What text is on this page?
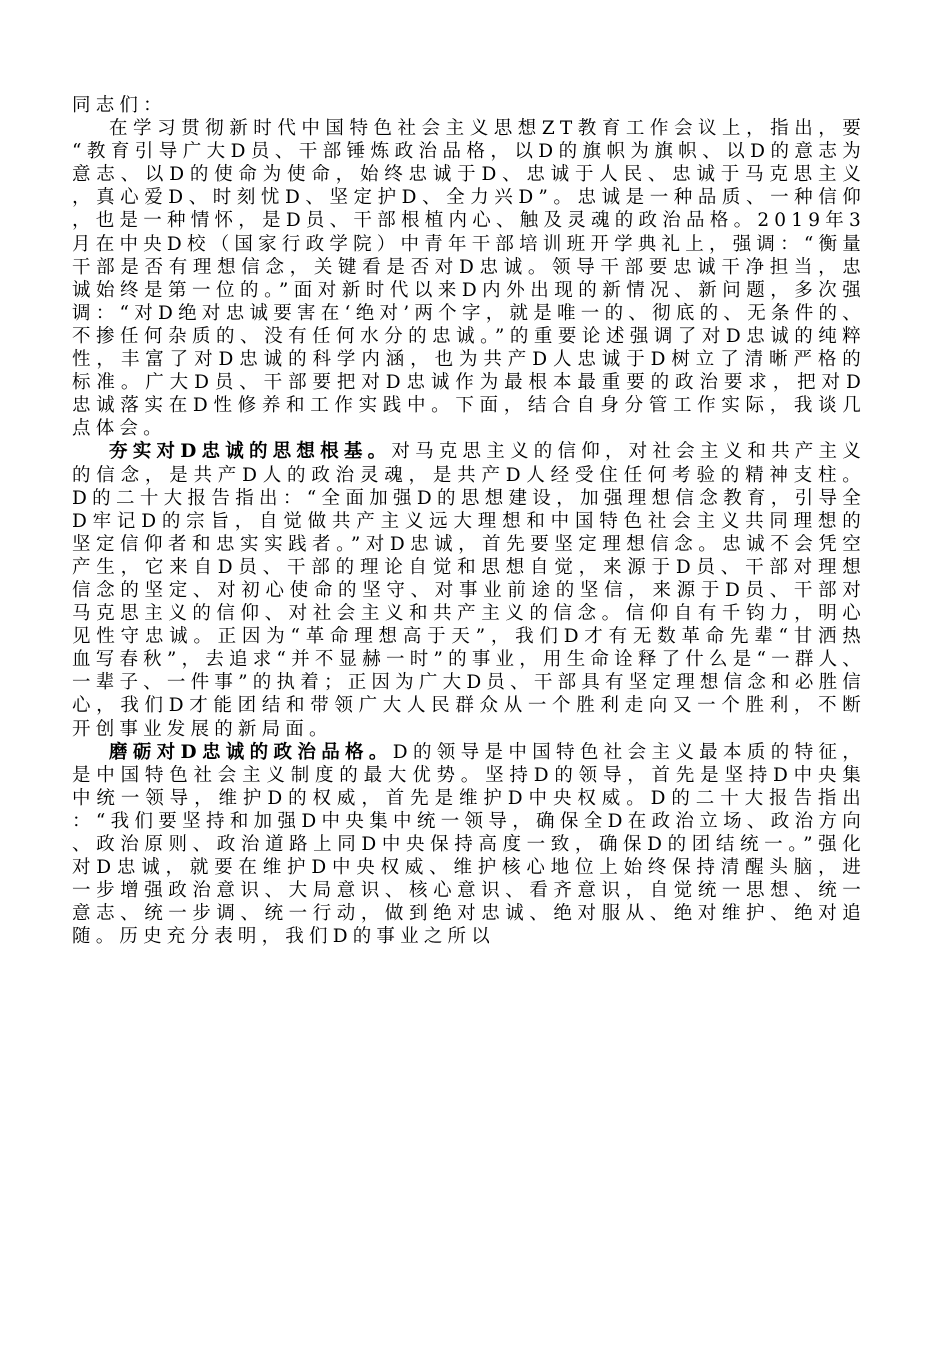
同志们：

在学习贯彻新时代中国特色社会主义思想ZT教育工作会议上，指出，要“教育引导广大D员、干部锤炼政治品格，以D的旗帜为旗帜、以D的意志为意志、以D的使命为使命，始终忠诚于D、忠诚于人民、忠诚于马克思主义，真心爱D、时刻忧D、坚定护D、全力兴D”。忠诚是一种品质、一种信仰，也是一种情怀，是D员、干部根植内心、触及灵魂的政治品格。2019年3月在中央D校（国家行政学院）中青年干部培训班开学典礼上，强调：“衡量干部是否有理想信念，关键看是否对D忠诚。领导干部要忠诚干净担当，忠诚始终是第一位的。”面对新时代以来D内外出现的新情况、新问题，多次强调：“对D绝对忠诚要害在‘绝对’两个字，就是唯一的、彻底的、无条件的、不掺任何杂质的、没有任何水分的忠诚。”的重要论述强调了对D忠诚的纯粹性，丰富了对D忠诚的科学内涵，也为共产D人忠诚于D树立了清晰严格的标准。广大D员、干部要把对D忠诚作为最根本最重要的政治要求，把对D忠诚落实在D性修养和工作实践中。下面，结合自身分管工作实际，我谈几点体会。

夯实对D忠诚的思想根基。对马克思主义的信仰，对社会主义和共产主义的信念，是共产D人的政治灵魂，是共产D人经受住任何考验的精神支柱。D的二十大报告指出：“全面加强D的思想建设，加强理想信念教育，引导全D牢记D的宗旨，自觉做共产主义远大理想和中国特色社会主义共同理想的坚定信仰者和忠实实践者。”对D忠诚，首先要坚定理想信念。忠诚不会凭空产生，它来自D员、干部的理论自觉和思想自觉，来源于D员、干部对理想信念的坚定、对初心使命的坚守、对事业前途的坚信，来源于D员、干部对马克思主义的信仰、对社会主义和共产主义的信念。信仰自有千钧力，明心见性守忠诚。正因为“革命理想高于天”，我们D才有无数革命先辈“甘洒热血写春秋”，去追求“并不显赫一时”的事业，用生命诠释了什么是“一群人、一辈子、一件事”的执着；正因为广大D员、干部具有坚定理想信念和必胜信心，我们D才能团结和带领广大人民群众从一个胜利走向又一个胜利，不断开创事业发展的新局面。

磨砺对D忠诚的政治品格。D的领导是中国特色社会主义最本质的特征，是中国特色社会主义制度的最大优势。坚持D的领导，首先是坚持D中央集中统一领导，维护D的权威，首先是维护D中央权威。D的二十大报告指出：“我们要坚持和加强D中央集中统一领导，确保全D在政治立场、政治方向、政治原则、政治道路上同D中央保持高度一致，确保D的团结统一。”强化对D忠诚，就要在维护D中央权威、维护核心地位上始终保持清醒头脑，进一步增强政治意识、大局意识、核心意识、看齐意识，自觉统一思想、统一意志、统一步调、统一行动，做到绝对忠诚、绝对服从、绝对维护、绝对追随。历史充分表明，我们D的事业之所以
